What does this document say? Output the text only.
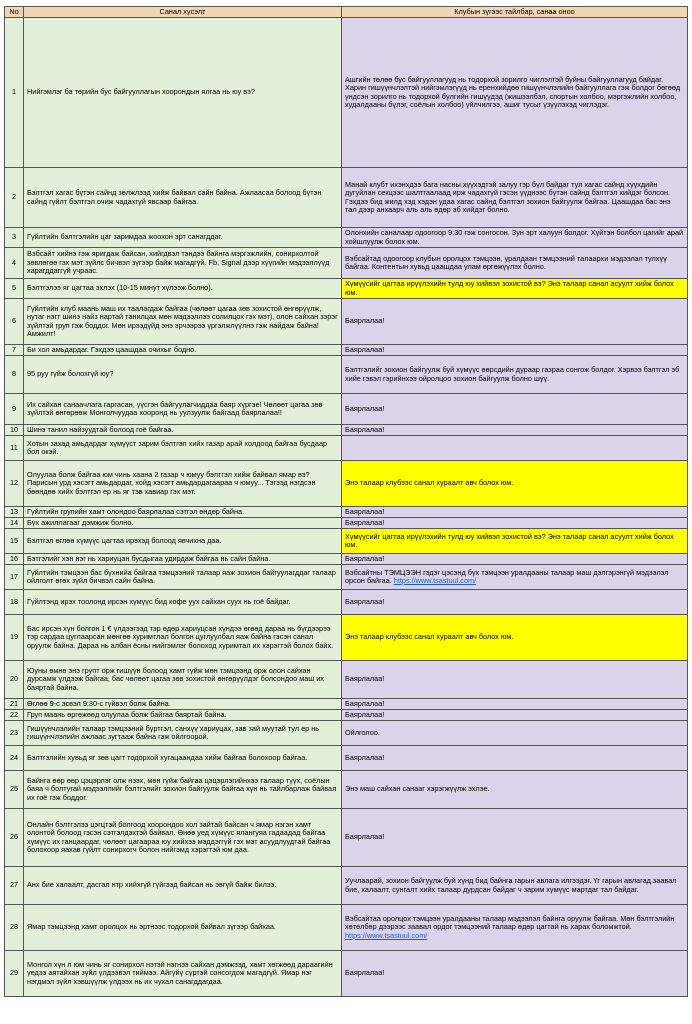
No	Санал хүсэлт	Клубын зүгээс тайлбар, санаа оноо
1	Нийгэмлэг ба төрийн бус байгууллагын хоорондын ялгаа нь юу вэ?	Ашгийн төлөө бус байгууллагууд нь тодорхой зорилго чиглэлтэй буйны байгууллагууд байдаг.
Харин гишүүнчлэлтэй нийгэмлэгүүд нь еренхийдөө гишүүнчлэлийн байгууллага гэж болдог бөгөөд үндсэн зорилго нь тодорхой бүлгийн гишүүдэд (жишээлбэл, спортын холбоо, мэргэжлийн холбоо, худалдааны бүлэг, соёлын холбоо) үйлчилгээ, ашиг тусыг үзүүлэхэд чиглэдэг.
2	Бэлтгэл хагас бүтэн сайнд зөлжлээд хийж байвал сайн байна. Ажлаасаа болоод бүтэн сайнд гүйлт бэлтгэл очиж чадахгүй явсаар байгаа.	Манай клубт ихэнхдээ бага насны хүүхэдтэй залуу гэр бүл байдаг тул хагас сайнд хүүхдийн дугуйлан секцээс шалтгаалаад ирж чадахгүй гэсэн үүднээс бүтэн сайнд бэлтгэл хийдэг болсон. Гэхдээ бид жилд хэд хэдэн удаа хагас сайнд бэлтгэл зохион байгуулж байгаа. Цаашдаа бас энэ тал дээр анхаарч аль аль өдөр эб хийдэг болно.
3	Гүйлтийн бэлтгэлийн цаг заримдаа жоохон эрт санагддаг.	Олонхийн саналаар одоогоор 9:30 гэж сонгосон. Зун эрт халуун болдог. Хүйтэн болбол цагийг арай хойшлуулж болох юм.
4	Вэбсайт хийнэ гэж яригдаж байсан, хийгдвэл тэндээ байнга мэргэжлийн, сонирхолтой зөвлөгөө гэх мэт зүйлс бичвэл зүгээр байж магадгүй. Fb, Signal дээр хүүгийн мэдээллүүд харагддаггүй учраас.	Вэбсайтад одоогоор клубын оролцох тэмцээн, уралдаан тэмцээний талаархи мэдээлэл тулхүү байгаа. Контентын хувьд цаашдаа улам өргөжүүлэх болно.
5	Бэлтгэлээ яг цагтаа эхлэх (10-15 минут хүлээж болно).	Хүмүүсийг цагтаа ирүүлэхийн тулд юу хийвэл зохистой вэ? Энэ талаар санал асуулт хийж болох юм.
6	Гүйлтийн клуб маань маш их таалагдаж байгаа (чөлөөт цагаа зөв зохистой өнгөрүүлж, нутаг нэгт шинэ найз нартай танилцах мөн мэдээллээ солилцох гэх мэт), олон сайхан зэрэг зүйлтэй груп гэж боддог. Мөн ирээдүйд энэ эрчээрээ үргэлжлүүлнэ гэж найдаж байна! Амжилт!	Баярлалаа!
7	Би хол амьдардаг. Гэхдээ цаашдаа очихыг бодно.	Баярлалаа!
8	95 руу гүйж болохгүй юу?	Бэлтгэлийг зохион байгуулж буй хүмүүс өөрсдийн дураар газраа сонгож болдог. Хэрвээ бэлтгэл эб хийе гэвэл гэрийнхээ ойролцоо зохион байгуулж болно шүү.
9	Их сайхан санаачлага гаргасан, үүсгэн байгуулагчиддаа баяр хүргэе! Чөлөөт цагаа зөв зүйлтэй өнгөрөөж Монголчуудаа хооронд нь уулзуулж байгаад баярлалаа!!	Баярлалаа!
10	Шинэ танил найзуудтай болоод гоё байгаа.	Баярлалаа!
11	Хотын захад амьдардаг хүмүүст зарим бэлтгэл хийх газар арай холдоод байгаа бусдаар бол окэй.	
12	Олуулаа болж байгаа юм чинь хаана 2 газар ч юмуу бэлтгэл хийж байвал ямар вэ? Парисын урд хэсэгт амьдардаг, хойд хэсэгт амьдардагаараа ч юмуу... Тэгээд нэгдсэн бөөндөө хийх бэлтгэл ер нь яг тэв хавиар гэх мэт.	Энэ талаар клубээс санал хураалт авч болох юм.
13	Гүйлтийн групийн хамт олондоо баярлалаа сэтгэл өндөр байна.	Баярлалаа!
14	Бүх ажиллагааг дэмжиж болно.	Баярлалаа!
15	Бэлтгэл өглөө хүмүүс цагтаа ирэхэд болоод явчихна даа.	Хүмүүсийг цагтаа ирүүлэхийн тулд юу хийвэл зохистой вэ? Энэ талаар санал асуулт хийж болох юм.
16	Бэтгэлийг хэн нэг нь хариуцан бусдыгаа удирдаж байгаа нь сайн байна.	Баярлалаа!
17	Гүйлтийн тэмцээн бас бүхнийа байгаа тэмцээний талаар яаж зохион байгуулагддаг талаар ойлголт өгөх зүйл бичвэл сайн байна.	Вэбсайтны ТЭМЦЭЭН гэдэг цэсэнд бүх тэмцээн уралдааны талаар маш дэлгэрэнгүй мэдээлэл орсон байгаа. https://www.tsastuul.com/
18	Гүйлтэнд ирэх тоолонд ирсэн хүмүүс бид кофе уух сайхан суух нь гоё байдаг.	Баярлалаа!
19	Бас ирсэн хүн болгон 1 € үлдээгээд тэр өдөр хариуцсан хүндээ өгөөд дараа нь бүгдээрээ тэр сардаа цуглаарсан мөнгөө хуримтлал болгон цуглуулбал яаж байна гэсэн санал оруулж байна. Дараа нь албан ёсны нийгэмлэг болоход хуримтал их хэрэгтэй болох байх.	Энэ талаар клубээс санал хураалт авч болох юм.
20	Юуны өмнө энэ групт орж гишүүн болоод хамт гүйж мөн тэмцээнд орж олон сайхан дурсамж үлдээж байгаа, бас чөлөөт цагаа зөв зохистой өнгөрүүлдэг болсондоо маш их баяртай байна.	Баярлалаа!
21	Өглөө 9-с эсвэл 9:30-с гүйвэл болж байна.	Баярлалаа!
22	Груп маань өргөжөөд олуулаа болж байгаа баяртай байна.	Баярлалаа!
23	Гишүүнчлэлийн талаар тэмцээний бүртгэл, санхүү хариуцах, зав зай муутай тул ер нь гишүүнчлэлийн ажлаас зугтааж байна гэж ойлгоорой.	Ойлголоо.
24	Бэлтгэлийн хувьд яг зөв цагт тодорхой хугацаандаа хийж байгаа болохоор байгаа.	Баярлалаа!
25	Байнга өөр өөр цэцэрлэг олж нээх, мөн гүйж байгаа цэцэрлэгийнхээ талаар түүх, соёлын баяа ч болтугай мэдээллийг бэлтгэлийг зохион байгуулж байгаа хүн нь тайлбарлаж байвал их гоё гэж боддог.	Энэ маш сайхан санааг хэрэгжүүлж эхлэе.
26	Онлайн бэлтгэлээ цэгцтэй болгоод хоорондоо хол зайтай байсан ч ямар нэгэн хамт олонтой болоод гэсэн сэтгэлдэхтэй байвал. Өнөө уед хүмүүс ялангуяа гадаадад байгаа хүмүүс их ганцаардаг, чөлөөт цагаараа юу хийхээ мэддэггүй гэх мэт асуудлуудтай байгаа болохоор яахав гүйлт сонирхогч болон нийгэмд хэрэгтэй юм даа.	Баярлалаа!
27	Анх бие халаалт, дасгал нтр хийхгүй гүйгээд байсан нь эвгүй байж билээ.	Уучлаарай, зохион байгуулж буй хүнд бид байнга гарын авлага илгээдэг. Үг гарын авлагад заавал бие, халаалт, сунгалт хийх талаар дурдсан байдаг ч зарим хүмүүс мартдаг тал байдаг.
28	Ямар тэмцээнд хамт оролцох нь эртнээс тодорхой байвал зүгээр байхаа.	Вэбсайтаа оролцох тэмцээн уралдааны талаар мэдээлэл байнга оруулж байгаа. Мөн бэлтгэлийн хөтөлбөр дээрээс заавал ордог тэмцээний талаар өдөр цагтай нь харах боломжтой. https://www.tsastuul.com/
29	Монгол хүн л юм чинь яг сонирхол нэтэй нэгнээ сайхан дэмжээд, хамт хөгжөөд дараагийн үедээ аятайхан зүйл үлдээвэл тиймээ. Айгүйү сүртэй сонсогдож магадгүй. Ямар нэг нэгдмэл зүйл хэвшүүлж үлдээх нь их чухал санагддагдаа.	Баярлалаа!
